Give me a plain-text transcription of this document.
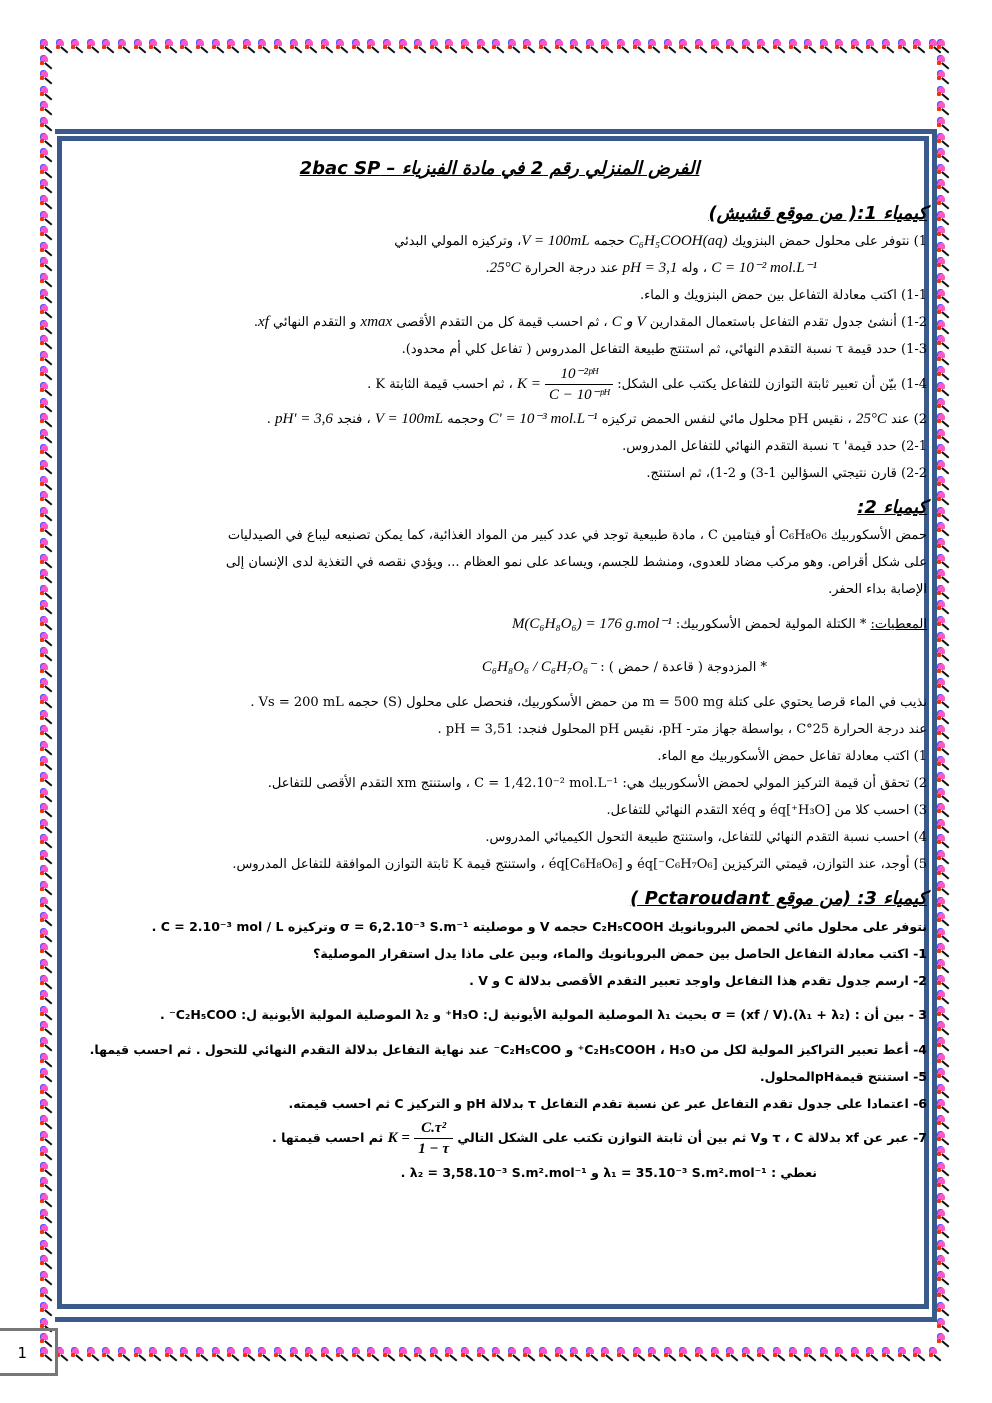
1
الفرض المنزلي رقم 2 في مادة الفيزياء – 2bac SP
كيمياء 1:( من موقع قشيش)
1) نتوفر على محلول حمض البنزويك C₆H₅COOH(aq) حجمه V = 100mL، وتركيزه المولي البدئي
C = 10⁻² mol.L⁻¹ ، وله pH = 3,1 عند درجة الحرارة 25°C.
1-1) اكتب معادلة التفاعل بين حمض البنزويك و الماء.
1-2) أنشئ جدول تقدم التفاعل باستعمال المقدارين C و V ، ثم احسب قيمة كل من التقدم الأقصى xmax و التقدم النهائي xf.
1-3) حدد قيمة τ نسبة التقدم النهائي، ثم استنتج طبيعة التفاعل المدروس ( تفاعل كلي أم محدود).
1-4) بيّن أن تعبير ثابتة التوازن للتفاعل يكتب على الشكل:
$\frac{\text{10⁻²ᵖᴴ}}{\text{C − 10⁻ᵖᴴ}}$
K = ، ثم احسب قيمة الثابتة K .
2) عند 25°C ، نقيس pH محلول مائي لنفس الحمض تركيزه C' = 10⁻³ mol.L⁻¹ وحجمه V = 100mL ، فنجد pH' = 3,6 .
2-1) حدد قيمة' τ نسبة التقدم النهائي للتفاعل المدروس.
2-2) قارن نتيجتي السؤالين 1-3) و 2-1)، ثم استنتج.
كيمياء 2:
حمض الأسكوربيك C₆H₈O₆ أو فيتامين C ، مادة طبيعية توجد في عدد كبير من المواد الغذائية، كما يمكن تصنيعه ليباع في الصيدليات
على شكل أقراص. وهو مركب مضاد للعدوى، ومنشط للجسم، ويساعد على نمو العظام ... ويؤدي نقصه في التغذية لدى الإنسان إلى
الإصابة بداء الحفر.
المعطيات: * الكتلة المولية لحمض الأسكوربيك: M(C₆H₈O₆) = 176 g.mol⁻¹
* المزدوجة ( قاعدة / حمض ) : C₆H₈O₆ / C₆H₇O₆⁻
نذيب في الماء قرصا يحتوي على كتلة m = 500 mg من حمض الأسكوربيك، فنحصل على محلول (S) حجمه Vs = 200 mL .
عند درجة الحرارة 25°C ، بواسطة جهاز متر- pH، نقيس pH المحلول فنجد: pH = 3,51 .
1) اكتب معادلة تفاعل حمض الأسكوربيك مع الماء.
2) تحقق أن قيمة التركيز المولي لحمض الأسكوربيك هي: C = 1,42.10⁻² mol.L⁻¹ ، واستنتج xm التقدم الأقصى للتفاعل.
3) احسب كلا من [H₃O⁺]éq و xéq التقدم النهائي للتفاعل.
4) احسب نسبة التقدم النهائي للتفاعل، واستنتج طبيعة التحول الكيميائي المدروس.
5) أوجد، عند التوازن، قيمتي التركيزين [C₆H₇O₆⁻]éq و [C₆H₈O₆]éq ، واستنتج قيمة K ثابتة التوازن الموافقة للتفاعل المدروس.
كيمياء 3: (من موقع Pctaroudant )
نتوفر على محلول مائي لحمض البروبانويك C₂H₅COOH حجمه V و موصليته σ = 6,2.10⁻³ S.m⁻¹ وتركيزه C = 2.10⁻³ mol / L .
1- اكتب معادلة التفاعل الحاصل بين حمض البروبانويك والماء، وبين على ماذا يدل استقرار الموصلية؟
2- ارسم جدول تقدم هذا التفاعل واوجد تعبير التقدم الأقصى بدلالة C و V .
3 - بين أن : σ = (xf / V).(λ₁ + λ₂) بحيث λ₁ الموصلية المولية الأيونية ل: H₃O⁺ و λ₂ الموصلية المولية الأيونية ل: C₂H₅COO⁻ .
4- أعط تعبير التراكيز المولية لكل من C₂H₅COOH ، H₃O⁺ و C₂H₅COO⁻ عند نهاية التفاعل بدلالة التقدم النهائي للتحول . ثم احسب قيمها.
5- استنتج قيمةpHالمحلول.
6- اعتمادا على جدول تقدم التفاعل عبر عن نسبة تقدم التفاعل τ بدلالة pH و التركيز C ثم احسب قيمته.
7- عبر عن xf بدلالة τ ، C وV ثم بين أن ثابتة التوازن تكتب على الشكل التالي
$\frac{\text{C.τ²}}{1 - \tau}$
K = ثم احسب قيمتها .
نعطي : λ₁ = 35.10⁻³ S.m².mol⁻¹ و λ₂ = 3,58.10⁻³ S.m².mol⁻¹ .
